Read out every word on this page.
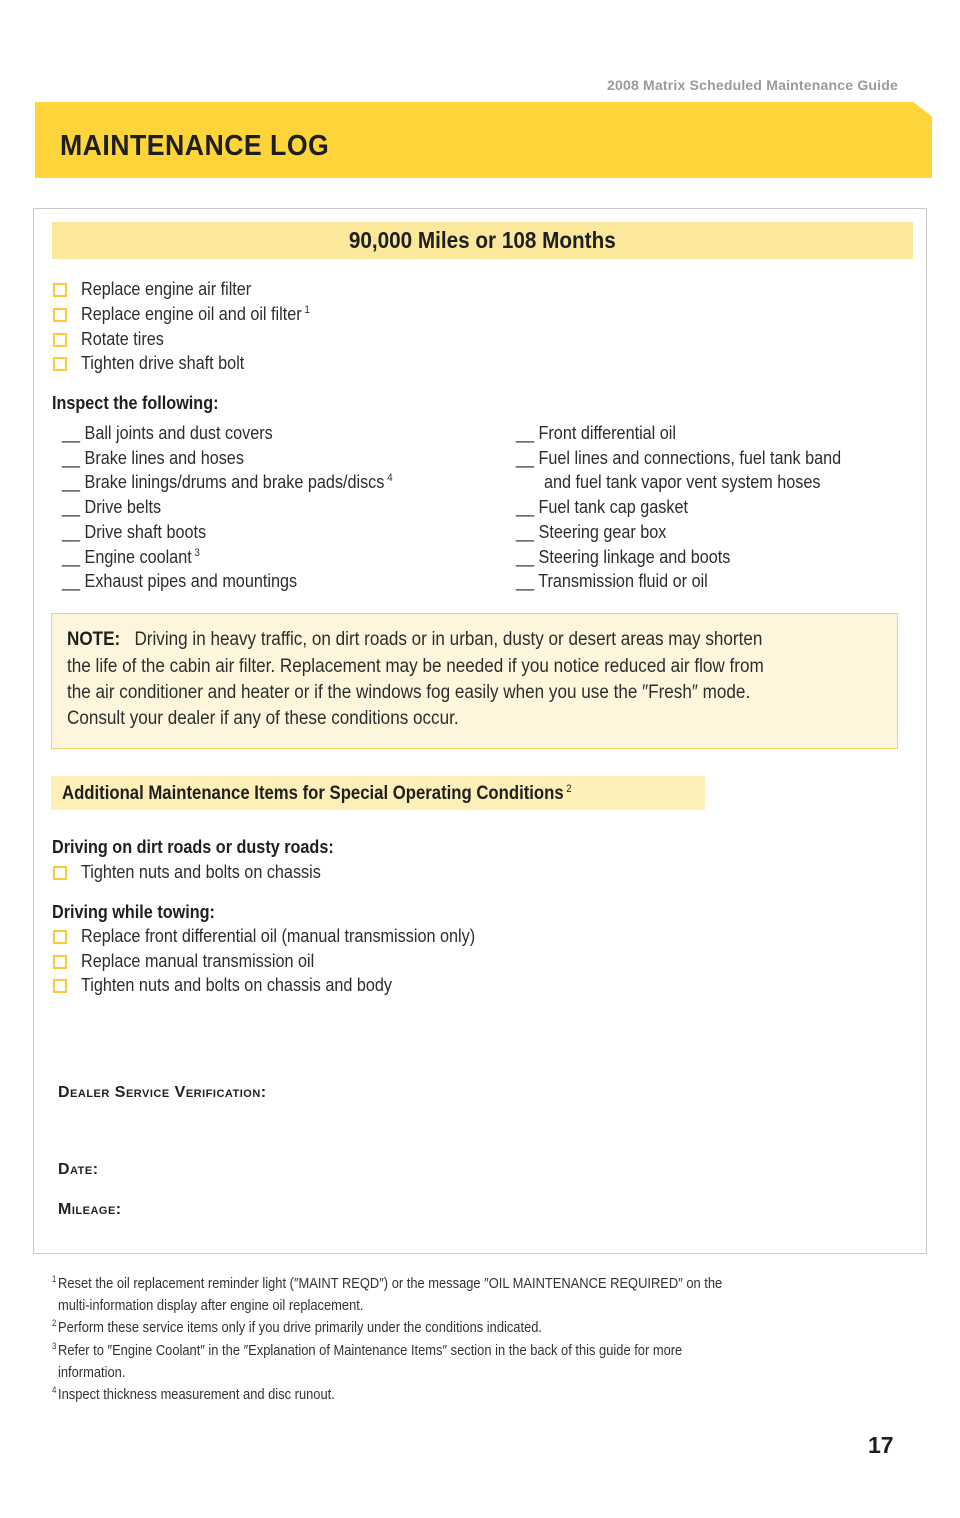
2008 Matrix Scheduled Maintenance Guide
MAINTENANCE LOG
90,000 Miles or 108 Months
Replace engine air filter
Replace engine oil and oil filter $^1$
Rotate tires
Tighten drive shaft bolt
Inspect the following:
__ Ball joints and dust covers
__ Brake lines and hoses
__ Brake linings/drums and brake pads/discs $^4$
__ Drive belts
__ Drive shaft boots
__ Engine coolant $^3$
__ Exhaust pipes and mountings
__ Front differential oil
__ Fuel lines and connections, fuel tank band
and fuel tank vapor vent system hoses
__ Fuel tank cap gasket
__ Steering gear box
__ Steering linkage and boots
__ Transmission fluid or oil
NOTE: Driving in heavy traffic, on dirt roads or in urban, dusty or desert areas may shorten
the life of the cabin air filter. Replacement may be needed if you notice reduced air flow from
the air conditioner and heater or if the windows fog easily when you use the ″Fresh″ mode.
Consult your dealer if any of these conditions occur.
Additional Maintenance Items for Special Operating Conditions $^2$
Driving on dirt roads or dusty roads:
Tighten nuts and bolts on chassis
Driving while towing:
Replace front differential oil (manual transmission only)
Replace manual transmission oil
Tighten nuts and bolts on chassis and body
Dealer Service Verification:
Date:
Mileage:
$^1$ Reset the oil replacement reminder light (″MAINT REQD″) or the message ″OIL MAINTENANCE REQUIRED″ on the
multi-information display after engine oil replacement.
$^2$ Perform these service items only if you drive primarily under the conditions indicated.
$^3$ Refer to ″Engine Coolant″ in the ″Explanation of Maintenance Items″ section in the back of this guide for more
information.
$^4$ Inspect thickness measurement and disc runout.
17
